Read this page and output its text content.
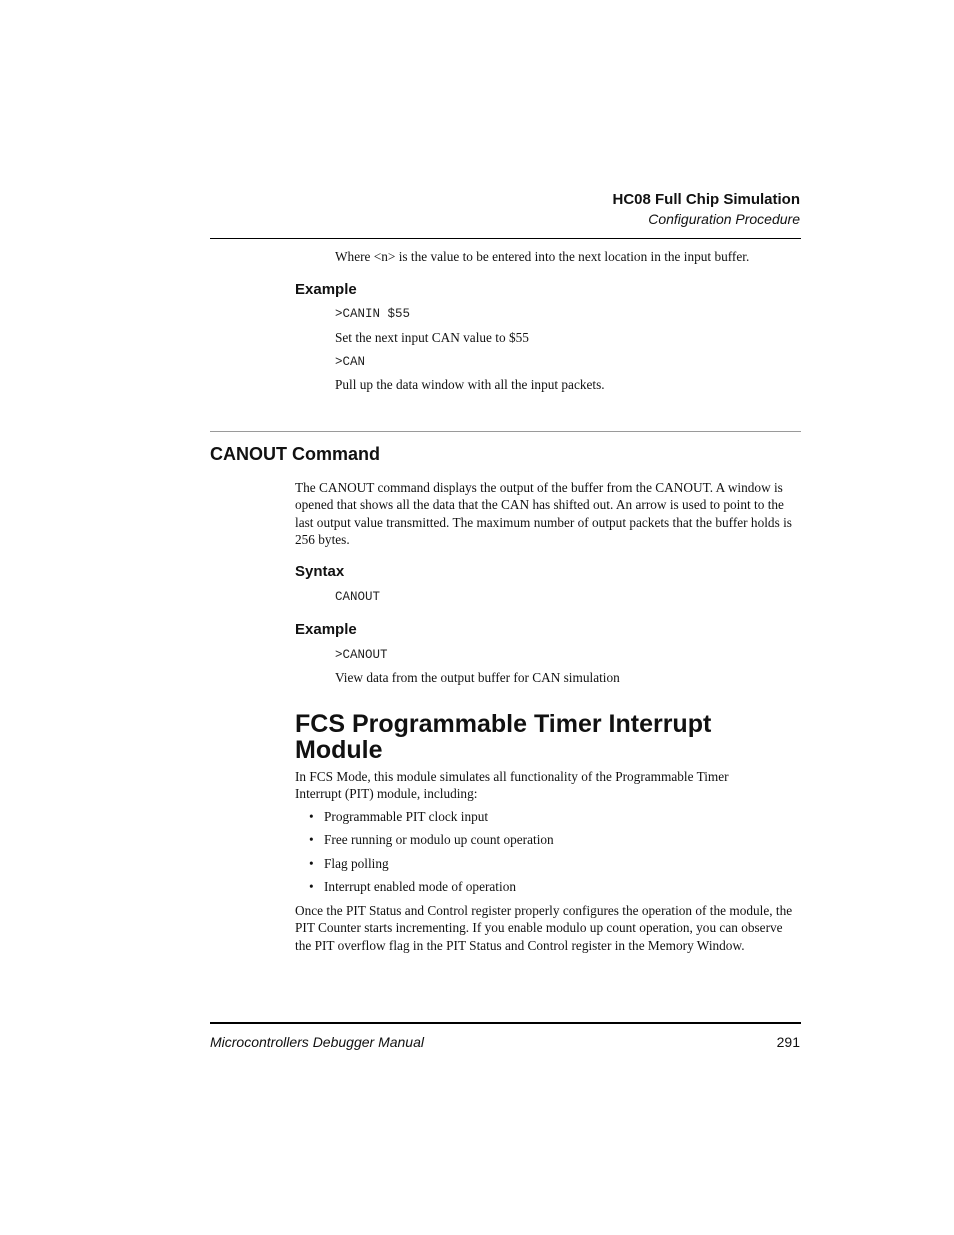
HC08 Full Chip Simulation
Configuration Procedure
Where <n> is the value to be entered into the next location in the input buffer.
Example
>CANIN $55
Set the next input CAN value to $55
>CAN
Pull up the data window with all the input packets.
CANOUT Command
The CANOUT command displays the output of the buffer from the CANOUT. A window is opened that shows all the data that the CAN has shifted out. An arrow is used to point to the last output value transmitted. The maximum number of output packets that the buffer holds is 256 bytes.
Syntax
CANOUT
Example
>CANOUT
View data from the output buffer for CAN simulation
FCS Programmable Timer Interrupt Module
In FCS Mode, this module simulates all functionality of the Programmable Timer Interrupt (PIT) module, including:
• Programmable PIT clock input
• Free running or modulo up count operation
• Flag polling
• Interrupt enabled mode of operation
Once the PIT Status and Control register properly configures the operation of the module, the PIT Counter starts incrementing. If you enable modulo up count operation, you can observe the PIT overflow flag in the PIT Status and Control register in the Memory Window.
Microcontrollers Debugger Manual	291
